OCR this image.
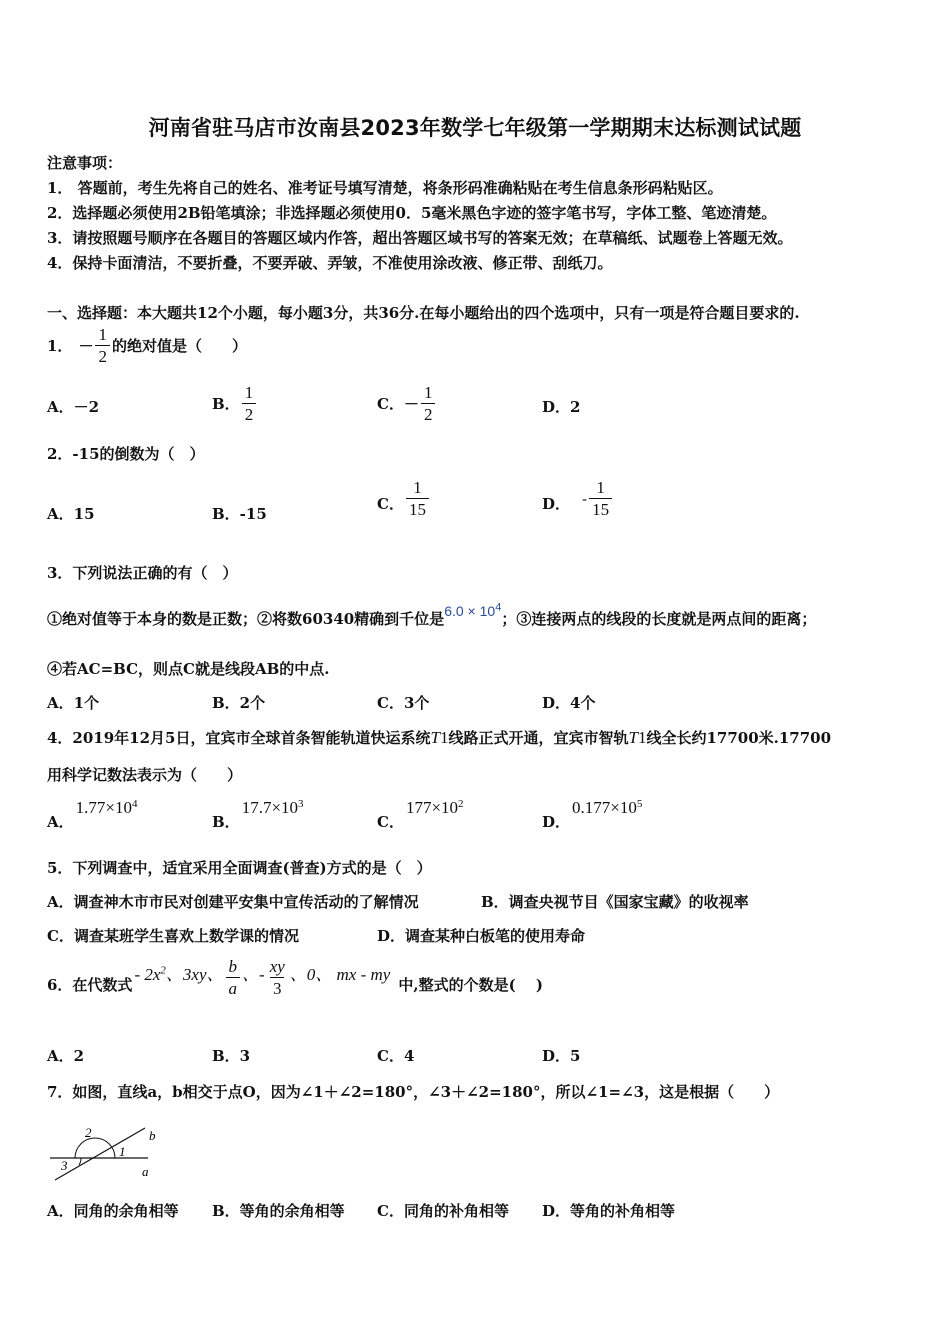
河南省驻马店市汝南县2023年数学七年级第一学期期末达标测试试题
注意事项：
1． 答题前，考生先将自己的姓名、准考证号填写清楚，将条形码准确粘贴在考生信息条形码粘贴区。
2．选择题必须使用2B铅笔填涂；非选择题必须使用0．5毫米黑色字迹的签字笔书写，字体工整、笔迹清楚。
3．请按照题号顺序在各题目的答题区域内作答，超出答题区域书写的答案无效；在草稿纸、试题卷上答题无效。
4．保持卡面清洁，不要折叠，不要弄破、弄皱，不准使用涂改液、修正带、刮纸刀。
一、选择题：本大题共12个小题，每小题3分，共36分.在每小题给出的四个选项中，只有一项是符合题目要求的.
1． － $\frac{1}{2}$ 的绝对值是（　　）
A．－2	B． $\frac{1}{2}$	C． － $\frac{1}{2}$	D．2
2．-15的倒数为（　）
A．15	B．-15
C． $\frac{1}{15}$	D． - $\frac{1}{15}$
3．下列说法正确的有（　）
①绝对值等于本身的数是正数；②将数60340精确到千位是$6.0 \times 10^4$；③连接两点的线段的长度就是两点间的距离；
④若AC=BC，则点C就是线段AB的中点.
A．1个	B．2个	C．3个	D．4个
4．2019年12月5日，宜宾市全球首条智能轨道快运系统T1线路正式开通，宜宾市智轨T1线全长约17700米.17700
用科学记数法表示为（　　）
A．$1.77\times 10^4$
B．$17.7\times 10^3$
C．$177\times 10^2$
D．$0.177\times 10^5$
5．下列调查中，适宜采用全面调查(普查)方式的是（　）
A．调查神木市市民对创建平安集中宣传活动的了解情况	B．调查央视节目《国家宝藏》的收视率
C．调查某班学生喜欢上数学课的情况	D．调查某种白板笔的使用寿命
6．在代数式
- $2x^2$、3xy、 $\frac{b}{a}$ 、- $\frac{xy}{3}$ 、0、 mx - my
中,整式的个数是(　 )
A．2	B．3	C．4	D．5
7．如图，直线a，b相交于点O，因为∠1＋∠2=180°，∠3＋∠2=180°，所以∠1=∠3，这是根据（　　）
2
1
3
b
a
A．同角的余角相等 B．等角的余角相等 C．同角的补角相等 D．等角的补角相等
